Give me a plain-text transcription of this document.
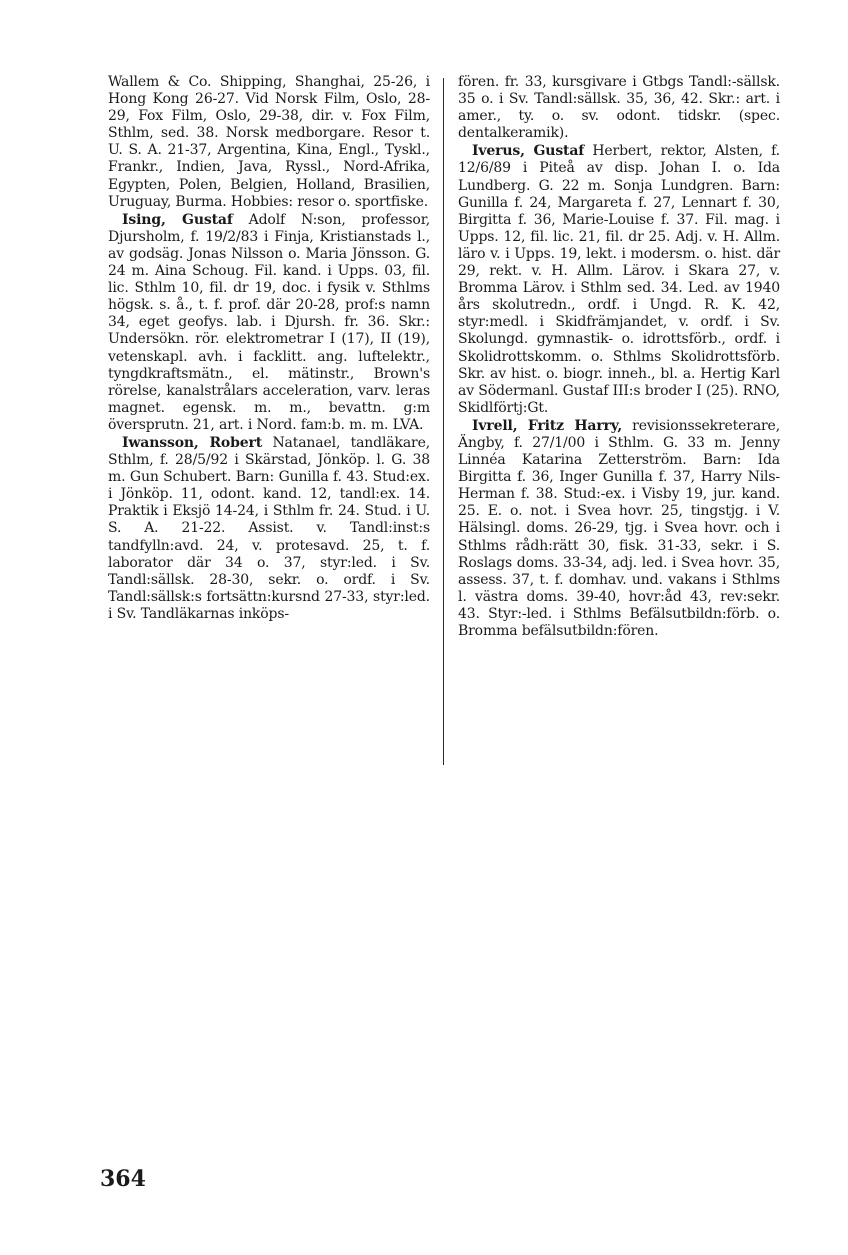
Wallem & Co. Shipping, Shanghai, 25-26, i Hong Kong 26-27. Vid Norsk Film, Oslo, 28-29, Fox Film, Oslo, 29-38, dir. v. Fox Film, Sthlm, sed. 38. Norsk medborgare. Resor t. U. S. A. 21-37, Argentina, Kina, Engl., Tyskl., Frankr., Indien, Java, Ryssl., Nord-Afrika, Egypten, Polen, Belgien, Holland, Brasilien, Uruguay, Burma. Hobbies: resor o. sportfiske.

Ising, Gustaf Adolf N:son, professor, Djursholm, f. 19/2/83 i Finja, Kristianstads l., av godsäg. Jonas Nilsson o. Maria Jönsson. G. 24 m. Aina Schoug. Fil. kand. i Upps. 03, fil. lic. Sthlm 10, fil. dr 19, doc. i fysik v. Sthlms högsk. s. å., t. f. prof. där 20-28, prof:s namn 34, eget geofys. lab. i Djursh. fr. 36. Skr.: Undersökn. rör. elektrometrar I (17), II (19), vetenskapl. avh. i facklitt. ang. luftelektr., tyngdkraftsmätn., el. mätinstr., Brown's rörelse, kanalstrålars acceleration, varv. leras magnet. egensk. m. m., bevattn. g:m översprutn. 21, art. i Nord. fam:b. m. m. LVA.

Iwansson, Robert Natanael, tandläkare, Sthlm, f. 28/5/92 i Skärstad, Jönköp. l. G. 38 m. Gun Schubert. Barn: Gunilla f. 43. Stud:ex. i Jönköp. 11, odont. kand. 12, tandl:ex. 14. Praktik i Eksjö 14-24, i Sthlm fr. 24. Stud. i U. S. A. 21-22. Assist. v. Tandl:inst:s tandfylln:avd. 24, v. protesavd. 25, t. f. laborator där 34 o. 37, styr:led. i Sv. Tandl:sällsk. 28-30, sekr. o. ordf. i Sv. Tandl:sällsk:s fortsättn:kursnd 27-33, styr:led. i Sv. Tandläkarnas inköps-

fören. fr. 33, kursgivare i Gtbgs Tandl:-sällsk. 35 o. i Sv. Tandl:sällsk. 35, 36, 42. Skr.: art. i amer., ty. o. sv. odont. tidskr. (spec. dentalkeramik).

Iverus, Gustaf Herbert, rektor, Alsten, f. 12/6/89 i Piteå av disp. Johan I. o. Ida Lundberg. G. 22 m. Sonja Lundgren. Barn: Gunilla f. 24, Margareta f. 27, Lennart f. 30, Birgitta f. 36, Marie-Louise f. 37. Fil. mag. i Upps. 12, fil. lic. 21, fil. dr 25. Adj. v. H. Allm. läro v. i Upps. 19, lekt. i modersm. o. hist. där 29, rekt. v. H. Allm. Lärov. i Skara 27, v. Bromma Lärov. i Sthlm sed. 34. Led. av 1940 års skolutredn., ordf. i Ungd. R. K. 42, styr:medl. i Skidfrämjandet, v. ordf. i Sv. Skolungd. gymnastik- o. idrottsförb., ordf. i Skolidrottskomm. o. Sthlms Skolidrottsförb. Skr. av hist. o. biogr. inneh., bl. a. Hertig Karl av Södermanl. Gustaf III:s broder I (25). RNO, Skidlförtj:Gt.

Ivrell, Fritz Harry, revisionssekreterare, Ängby, f. 27/1/00 i Sthlm. G. 33 m. Jenny Linnéa Katarina Zetterström. Barn: Ida Birgitta f. 36, Inger Gunilla f. 37, Harry Nils-Herman f. 38. Stud:-ex. i Visby 19, jur. kand. 25. E. o. not. i Svea hovr. 25, tingstjg. i V. Hälsingl. doms. 26-29, tjg. i Svea hovr. och i Sthlms rådh:rätt 30, fisk. 31-33, sekr. i S. Roslags doms. 33-34, adj. led. i Svea hovr. 35, assess. 37, t. f. domhav. und. vakans i Sthlms l. västra doms. 39-40, hovr:åd 43, rev:sekr. 43. Styr:-led. i Sthlms Befälsutbildn:förb. o. Bromma befälsutbildn:fören.

364
